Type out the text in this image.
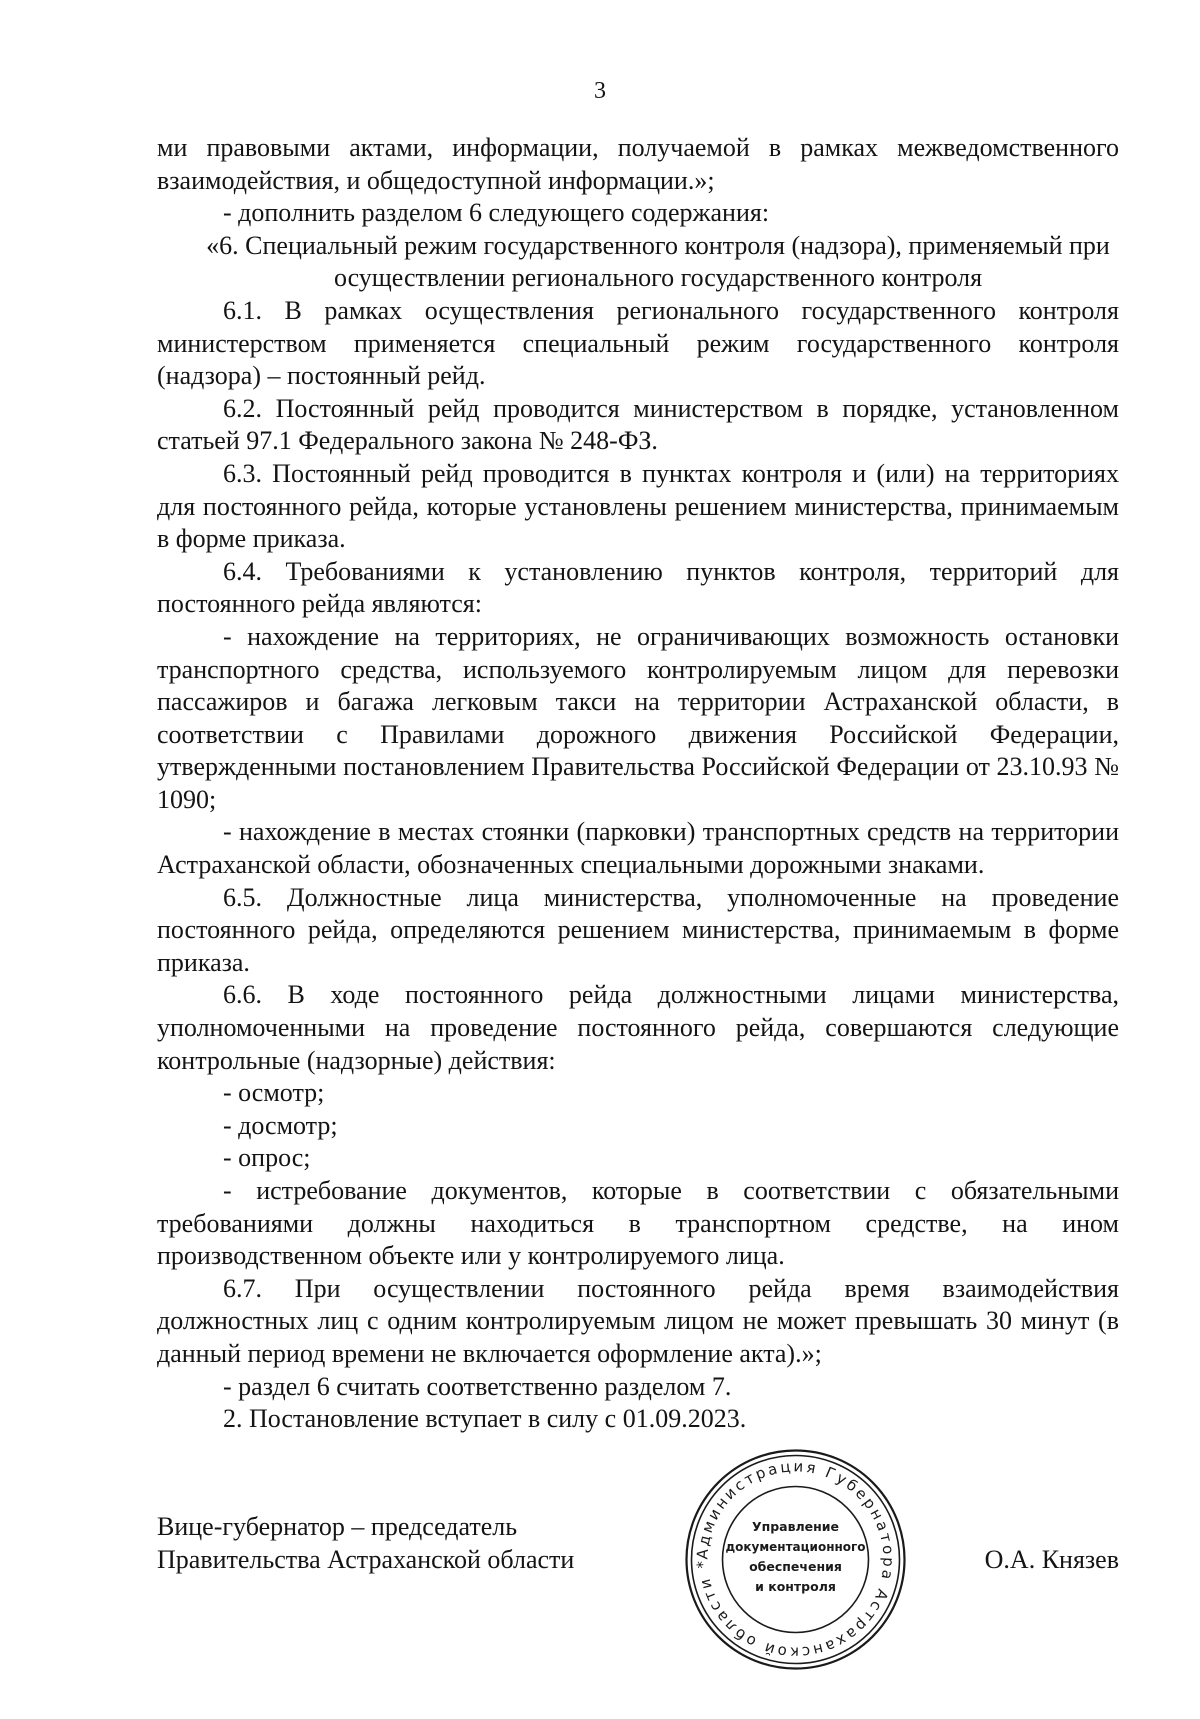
3

ми правовыми актами, информации, получаемой в рамках межведомственного взаимодействия, и общедоступной информации.»;

- дополнить разделом 6 следующего содержания:

«6. Специальный режим государственного контроля (надзора), применяемый при осуществлении регионального государственного контроля

6.1. В рамках осуществления регионального государственного контроля министерством применяется специальный режим государственного контроля (надзора) – постоянный рейд.

6.2. Постоянный рейд проводится министерством в порядке, установленном статьей 97.1 Федерального закона № 248-ФЗ.

6.3. Постоянный рейд проводится в пунктах контроля и (или) на территориях для постоянного рейда, которые установлены решением министерства, принимаемым в форме приказа.

6.4. Требованиями к установлению пунктов контроля, территорий для постоянного рейда являются:

- нахождение на территориях, не ограничивающих возможность остановки транспортного средства, используемого контролируемым лицом для перевозки пассажиров и багажа легковым такси на территории Астраханской области, в соответствии с Правилами дорожного движения Российской Федерации, утвержденными постановлением Правительства Российской Федерации от 23.10.93 № 1090;

- нахождение в местах стоянки (парковки) транспортных средств на территории Астраханской области, обозначенных специальными дорожными знаками.

6.5. Должностные лица министерства, уполномоченные на проведение постоянного рейда, определяются решением министерства, принимаемым в форме приказа.

6.6. В ходе постоянного рейда должностными лицами министерства, уполномоченными на проведение постоянного рейда, совершаются следующие контрольные (надзорные) действия:

- осмотр;

- досмотр;

- опрос;

- истребование документов, которые в соответствии с обязательными требованиями должны находиться в транспортном средстве, на ином производственном объекте или у контролируемого лица.

6.7. При осуществлении постоянного рейда время взаимодействия должностных лиц с одним контролируемым лицом не может превышать 30 минут (в данный период времени не включается оформление акта).»;

- раздел 6 считать соответственно разделом 7.

2. Постановление вступает в силу с 01.09.2023.

Вице-губернатор – председатель
Правительства Астраханской области	О.А. Князев
Администрация Губернатора Астраханской области *
Управление
документационного
обеспечения
и контроля
